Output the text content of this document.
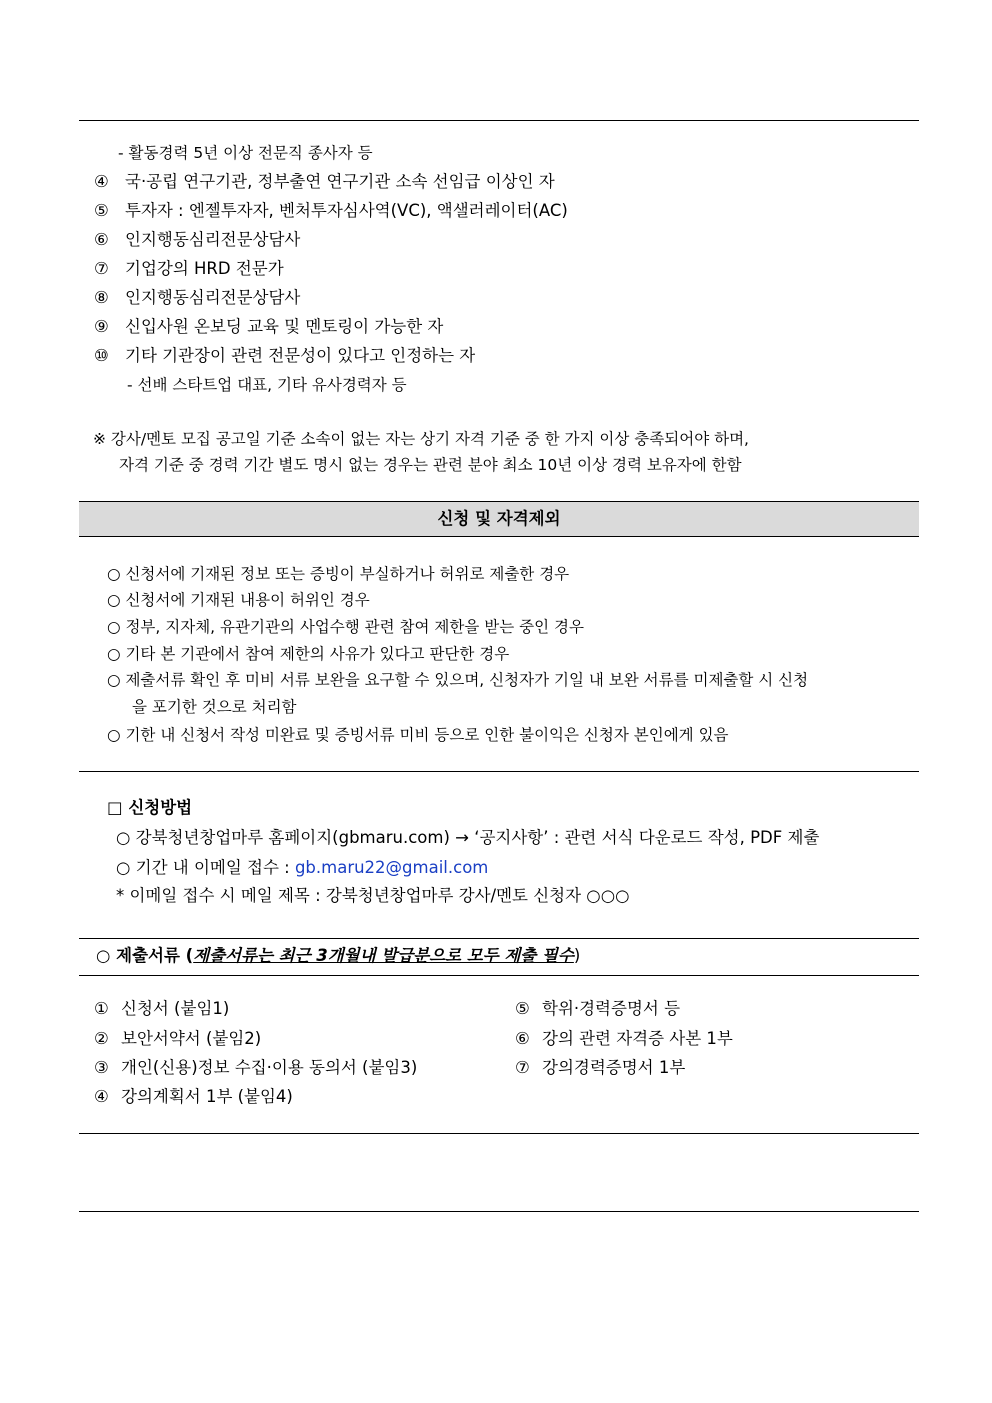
- 활동경력 5년 이상 전문직 종사자 등
④ 국·공립 연구기관, 정부출연 연구기관 소속 선임급 이상인 자
⑤ 투자자 : 엔젤투자자, 벤처투자심사역(VC), 액샐러레이터(AC)
⑥ 인지행동심리전문상담사
⑦ 기업강의 HRD 전문가
⑧ 인지행동심리전문상담사
⑨ 신입사원 온보딩 교육 및 멘토링이 가능한 자
⑩ 기타 기관장이 관련 전문성이 있다고 인정하는 자
- 선배 스타트업 대표, 기타 유사경력자 등
※ 강사/멘토 모집 공고일 기준 소속이 없는 자는 상기 자격 기준 중 한 가지 이상 충족되어야 하며,
자격 기준 중 경력 기간 별도 명시 없는 경우는 관련 분야 최소 10년 이상 경력 보유자에 한함
신청 및 자격제외
○ 신청서에 기재된 정보 또는 증빙이 부실하거나 허위로 제출한 경우
○ 신청서에 기재된 내용이 허위인 경우
○ 정부, 지자체, 유관기관의 사업수행 관련 참여 제한을 받는 중인 경우
○ 기타 본 기관에서 참여 제한의 사유가 있다고 판단한 경우
○ 제출서류 확인 후 미비 서류 보완을 요구할 수 있으며, 신청자가 기일 내 보완 서류를 미제출할 시 신청
을 포기한 것으로 처리함
○ 기한 내 신청서 작성 미완료 및 증빙서류 미비 등으로 인한 불이익은 신청자 본인에게 있음
□ 신청방법
○ 강북청년창업마루 홈페이지(gbmaru.com) → ‘공지사항’ : 관련 서식 다운로드 작성, PDF 제출
○ 기간 내 이메일 접수 : gb.maru22@gmail.com
* 이메일 접수 시 메일 제목 : 강북청년창업마루 강사/멘토 신청자 ○○○
○ 제출서류 (제출서류는 최근 3개월내 발급분으로 모두 제출 필수)
① 신청서 (붙임1)
② 보안서약서 (붙임2)
③ 개인(신용)정보 수집·이용 동의서 (붙임3)
④ 강의계획서 1부 (붙임4)
⑤ 학위·경력증명서 등
⑥ 강의 관련 자격증 사본 1부
⑦ 강의경력증명서 1부
